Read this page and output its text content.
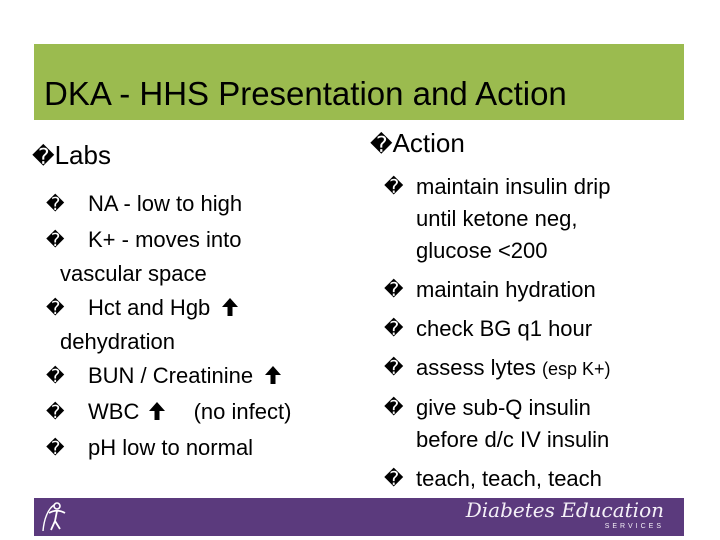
DKA - HHS Presentation and Action
�Labs
� NA - low to high
� K+ - moves into
vascular space
� Hct and Hgb
dehydration
� BUN / Creatinine
� WBC (no infect)
� pH low to normal
�Action
� maintain insulin drip
until ketone neg,
glucose <200
� maintain hydration
� check BG q1 hour
� assess lytes (esp K+)
� give sub-Q insulin
before d/c IV insulin
� teach, teach, teach
Diabetes Education
SERVICES
